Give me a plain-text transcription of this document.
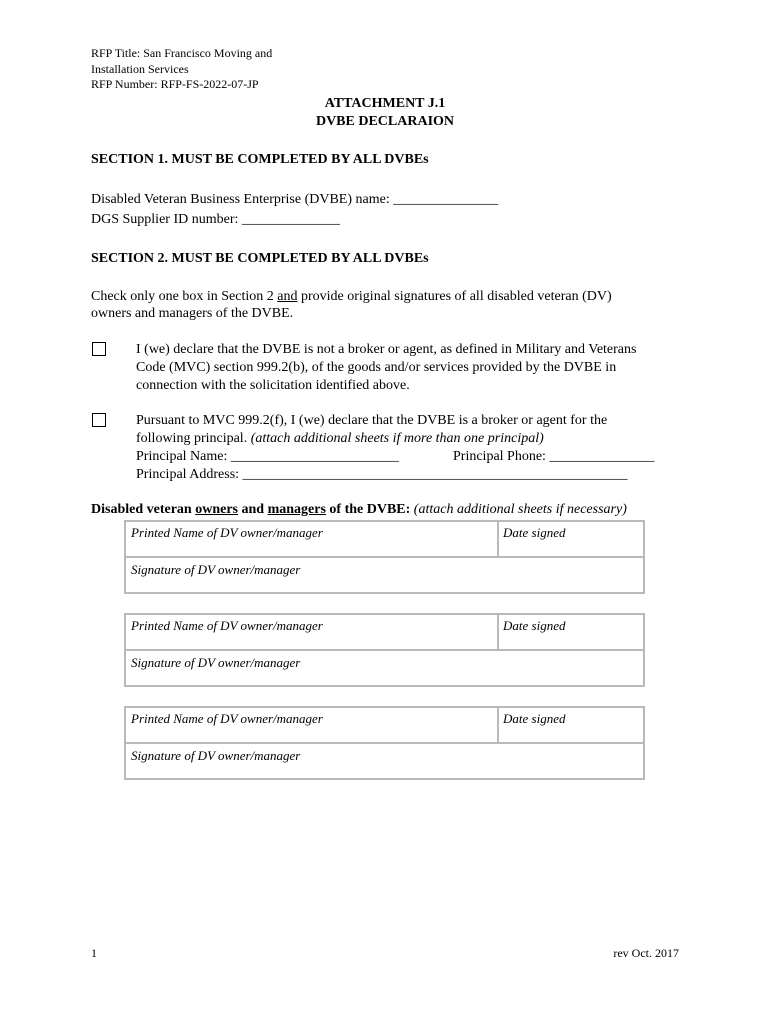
RFP Title: San Francisco Moving and
Installation Services
RFP Number: RFP-FS-2022-07-JP
ATTACHMENT J.1
DVBE DECLARAION
SECTION 1. MUST BE COMPLETED BY ALL DVBEs
Disabled Veteran Business Enterprise (DVBE) name: _______________
DGS Supplier ID number: ______________
SECTION 2. MUST BE COMPLETED BY ALL DVBEs
Check only one box in Section 2 and provide original signatures of all disabled veteran (DV)
owners and managers of the DVBE.
I (we) declare that the DVBE is not a broker or agent, as defined in Military and Veterans
Code (MVC) section 999.2(b), of the goods and/or services provided by the DVBE in
connection with the solicitation identified above.
Pursuant to MVC 999.2(f), I (we) declare that the DVBE is a broker or agent for the
following principal. (attach additional sheets if more than one principal)
Principal Name: ________________________	Principal Phone: _______________
Principal Address: _______________________________________________________
Disabled veteran owners and managers of the DVBE: (attach additional sheets if necessary)
Printed Name of DV owner/manager	Date signed
Signature of DV owner/manager
Printed Name of DV owner/manager	Date signed
Signature of DV owner/manager
Printed Name of DV owner/manager	Date signed
Signature of DV owner/manager
1	rev Oct. 2017
